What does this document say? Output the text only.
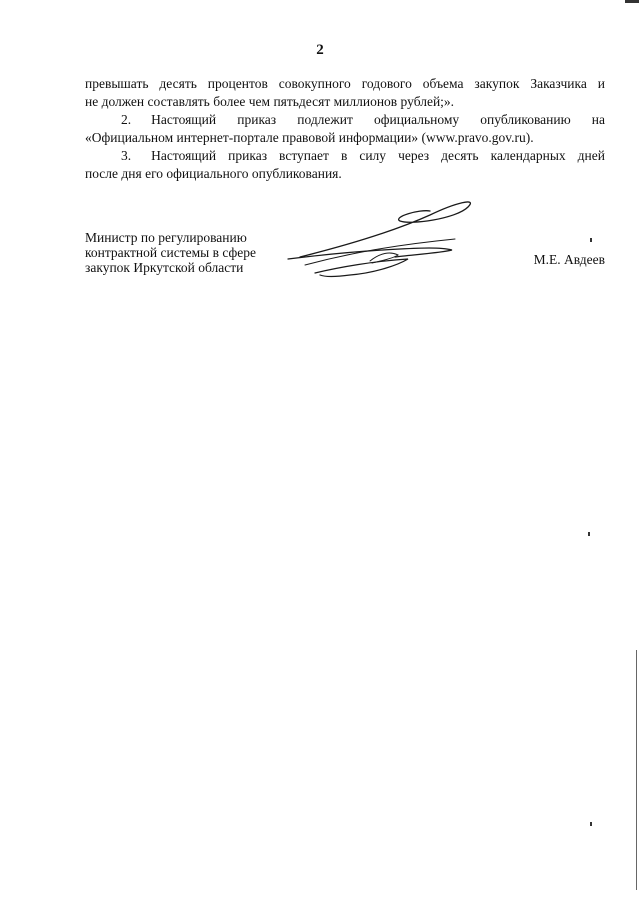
2
превышать десять процентов совокупного годового объема закупок Заказчика и
не должен составлять более чем пятьдесят миллионов рублей;».
2. Настоящий приказ подлежит официальному опубликованию на
«Официальном интернет-портале правовой информации» (www.pravo.gov.ru).
3. Настоящий приказ вступает в силу через десять календарных дней
после дня его официального опубликования.
Министр по регулированию
контрактной системы в сфере
закупок Иркутской области
М.Е. Авдеев
